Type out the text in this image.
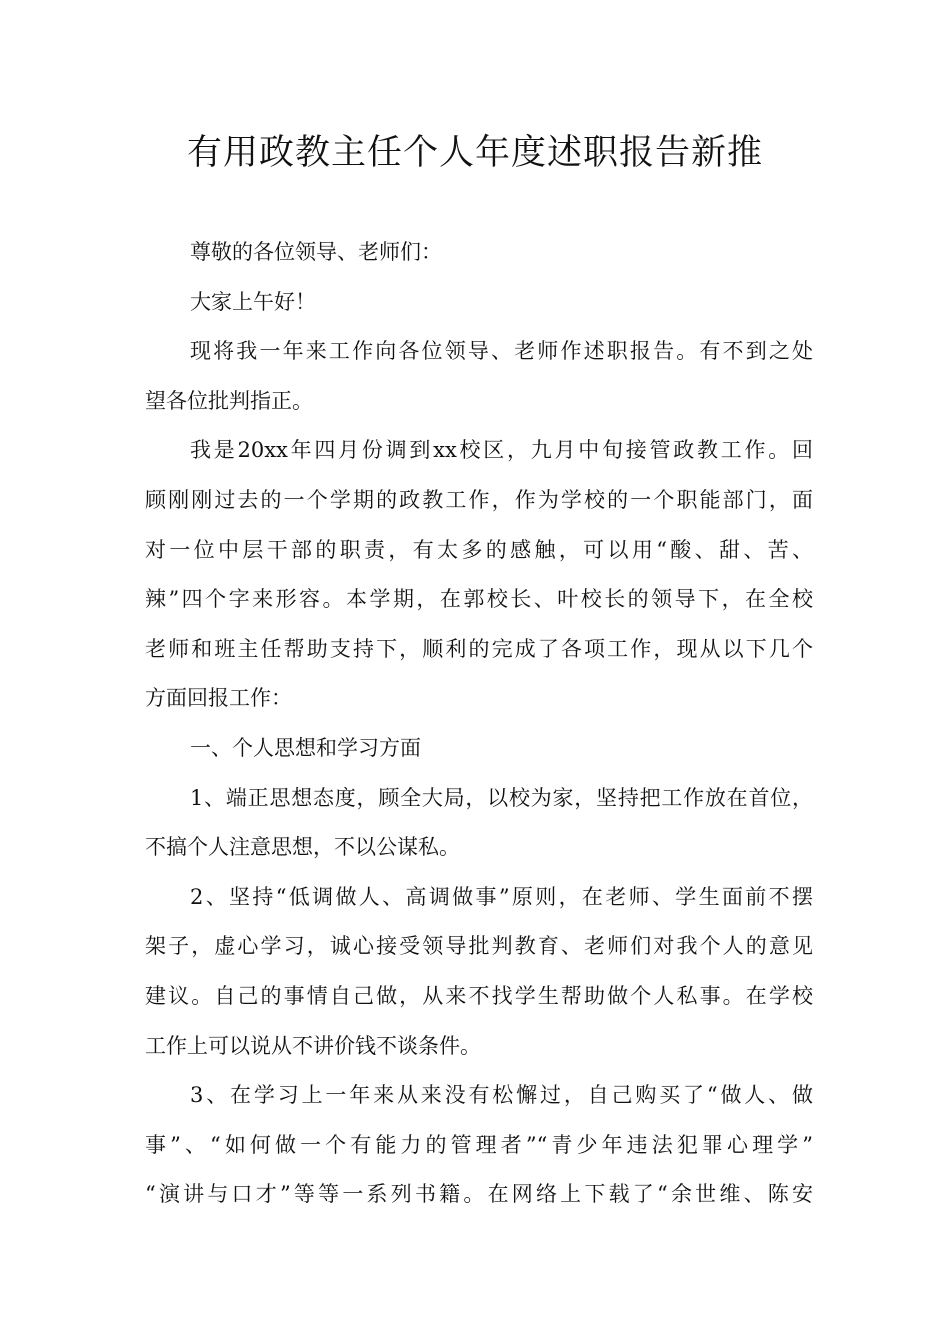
有用政教主任个人年度述职报告新推
尊敬的各位领导、老师们：
大家上午好！
现将我一年来工作向各位领导、老师作述职报告。有不到之处
望各位批判指正。
我是20xx年四月份调到xx校区，九月中旬接管政教工作。回
顾刚刚过去的一个学期的政教工作，作为学校的一个职能部门，面
对一位中层干部的职责，有太多的感触，可以用“酸、甜、苦、
辣”四个字来形容。本学期，在郭校长、叶校长的领导下，在全校
老师和班主任帮助支持下，顺利的完成了各项工作，现从以下几个
方面回报工作：
一、个人思想和学习方面
1、端正思想态度，顾全大局，以校为家，坚持把工作放在首位，
不搞个人注意思想，不以公谋私。
2、坚持“低调做人、高调做事”原则，在老师、学生面前不摆
架子，虚心学习，诚心接受领导批判教育、老师们对我个人的意见
建议。自己的事情自己做，从来不找学生帮助做个人私事。在学校
工作上可以说从不讲价钱不谈条件。
3、在学习上一年来从来没有松懈过，自己购买了“做人、做
事”、“如何做一个有能力的管理者”“青少年违法犯罪心理学”
“演讲与口才”等等一系列书籍。在网络上下载了“余世维、陈安
